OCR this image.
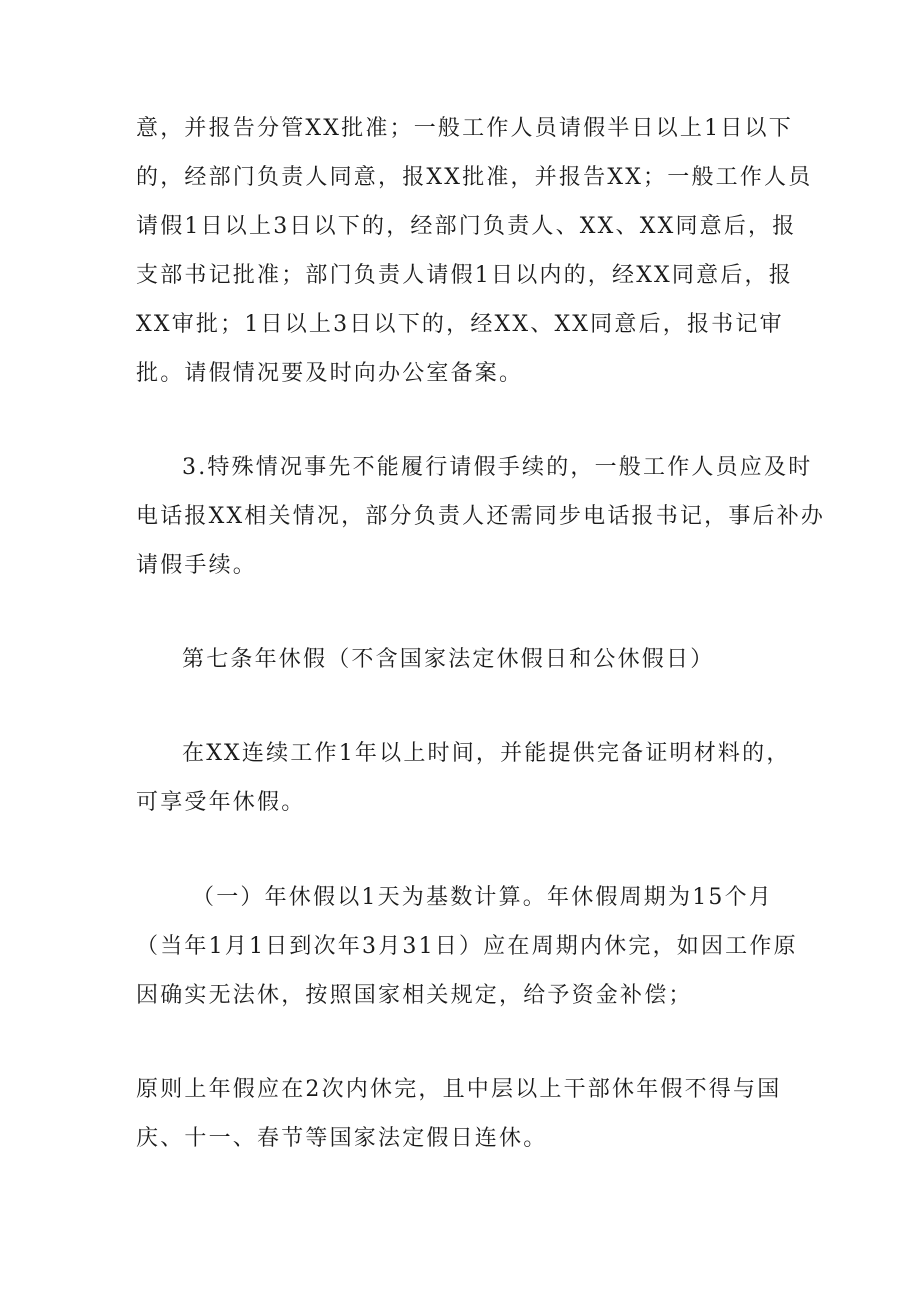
意，并报告分管XX批准；一般工作人员请假半日以上1日以下
的，经部门负责人同意，报XX批准，并报告XX；一般工作人员
请假1日以上3日以下的，经部门负责人、XX、XX同意后，报
支部书记批准；部门负责人请假1日以内的，经XX同意后，报
XX审批；1日以上3日以下的，经XX、XX同意后，报书记审
批。请假情况要及时向办公室备案。
3.特殊情况事先不能履行请假手续的，一般工作人员应及时
电话报XX相关情况，部分负责人还需同步电话报书记，事后补办
请假手续。
第七条年休假（不含国家法定休假日和公休假日）
在XX连续工作1年以上时间，并能提供完备证明材料的，
可享受年休假。
（一）年休假以1天为基数计算。年休假周期为15个月
（当年1月1日到次年3月31日）应在周期内休完，如因工作原
因确实无法休，按照国家相关规定，给予资金补偿；
原则上年假应在2次内休完，且中层以上干部休年假不得与国
庆、十一、春节等国家法定假日连休。
